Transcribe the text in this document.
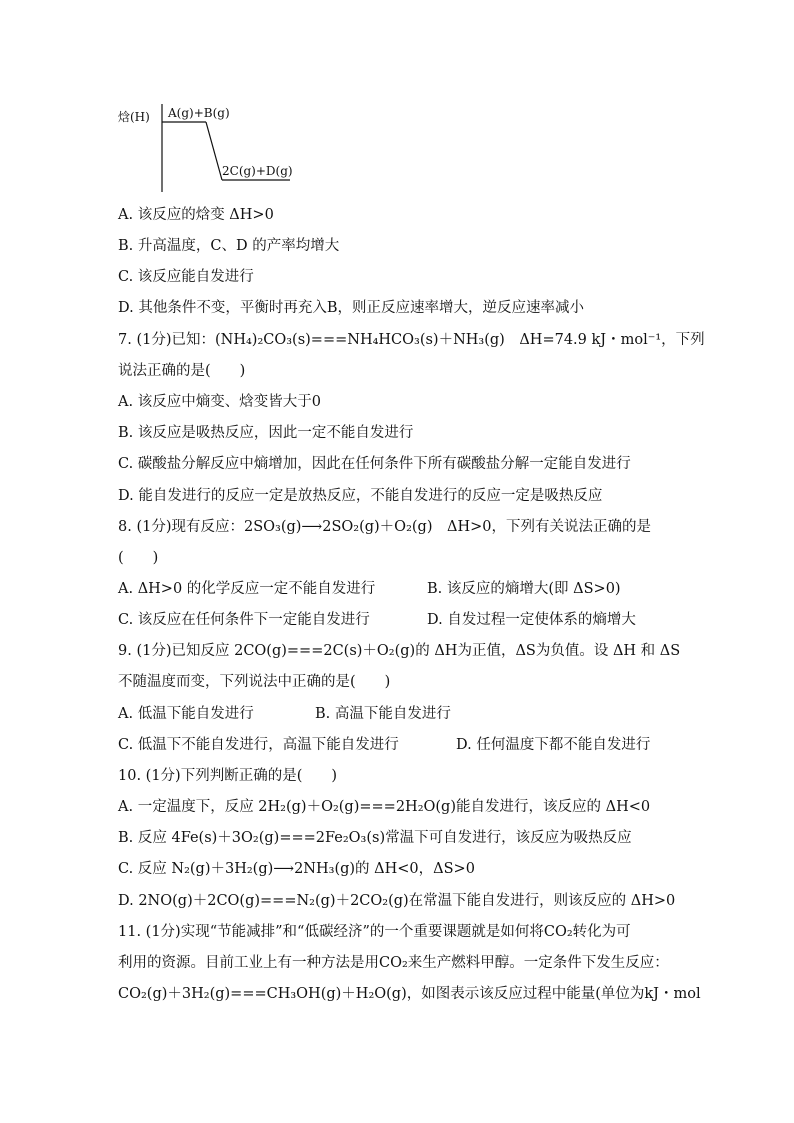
焓(H) A(g)+B(g)
2C(g)+D(g)
A. 该反应的焓变 ΔH>0
B. 升高温度，C、D 的产率均增大
C. 该反应能自发进行
D. 其他条件不变，平衡时再充入B，则正反应速率增大，逆反应速率减小
7. (1分)已知：(NH₄)₂CO₃(s)===NH₄HCO₃(s)＋NH₃(g)　ΔH=74.9 kJ・mol⁻¹，下列
说法正确的是(　　)
A. 该反应中熵变、焓变皆大于0
B. 该反应是吸热反应，因此一定不能自发进行
C. 碳酸盐分解反应中熵增加，因此在任何条件下所有碳酸盐分解一定能自发进行
D. 能自发进行的反应一定是放热反应，不能自发进行的反应一定是吸热反应
8. (1分)现有反应：2SO₃(g)⟶2SO₂(g)＋O₂(g)　ΔH>0，下列有关说法正确的是
(　　)
A. ΔH>0 的化学反应一定不能自发进行	B. 该反应的熵增大(即 ΔS>0)
C. 该反应在任何条件下一定能自发进行	D. 自发过程一定使体系的熵增大
9. (1分)已知反应 2CO(g)===2C(s)＋O₂(g)的 ΔH为正值，ΔS为负值。设 ΔH 和 ΔS
不随温度而变，下列说法中正确的是(　　)
A. 低温下能自发进行	B. 高温下能自发进行
C. 低温下不能自发进行，高温下能自发进行	D. 任何温度下都不能自发进行
10. (1分)下列判断正确的是(　　)
A. 一定温度下，反应 2H₂(g)＋O₂(g)===2H₂O(g)能自发进行，该反应的 ΔH<0
B. 反应 4Fe(s)＋3O₂(g)===2Fe₂O₃(s)常温下可自发进行，该反应为吸热反应
C. 反应 N₂(g)＋3H₂(g)⟶2NH₃(g)的 ΔH<0，ΔS>0
D. 2NO(g)＋2CO(g)===N₂(g)＋2CO₂(g)在常温下能自发进行，则该反应的 ΔH>0
11. (1分)实现“节能减排”和“低碳经济”的一个重要课题就是如何将CO₂转化为可
利用的资源。目前工业上有一种方法是用CO₂来生产燃料甲醇。一定条件下发生反应：
CO₂(g)＋3H₂(g)===CH₃OH(g)＋H₂O(g)，如图表示该反应过程中能量(单位为kJ・mol
